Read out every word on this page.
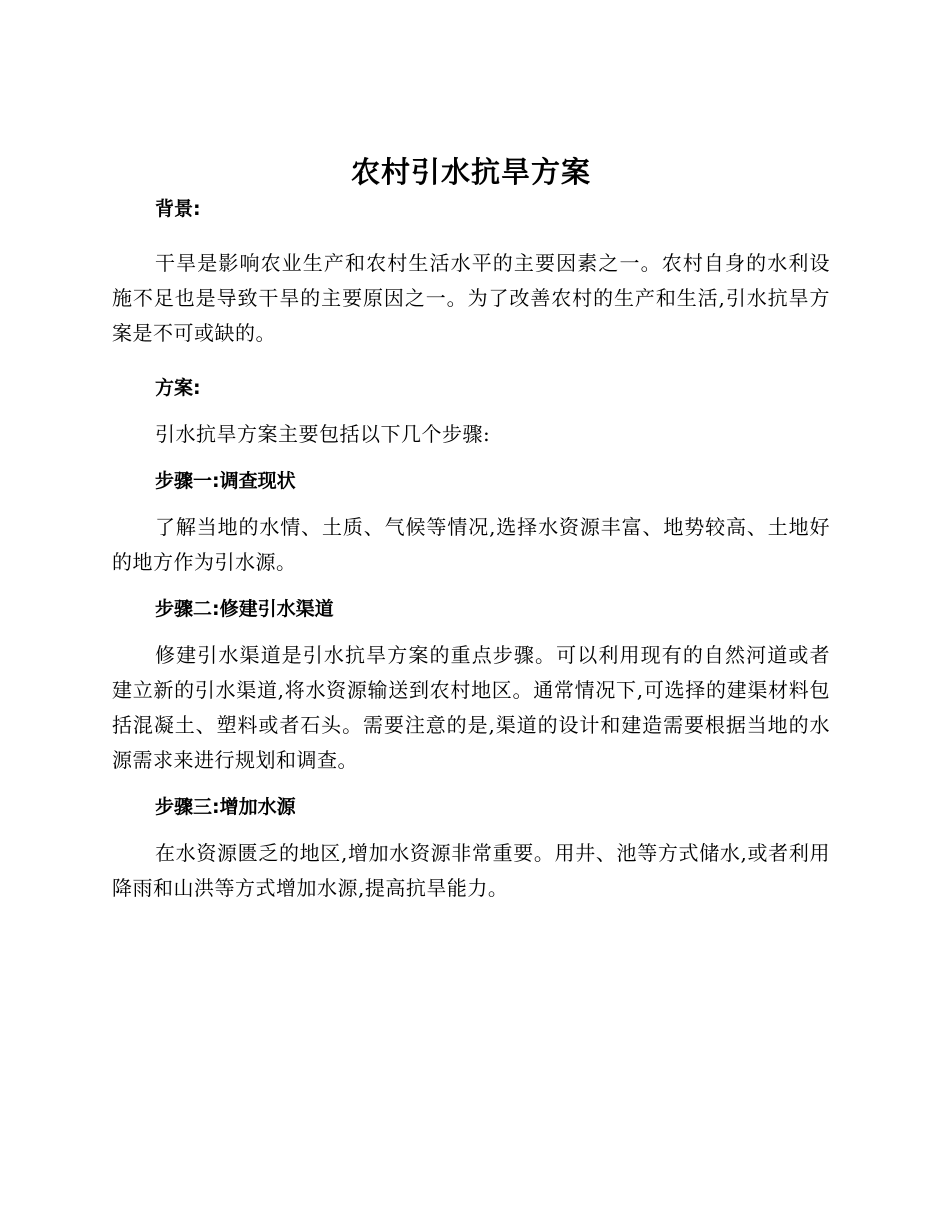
农村引水抗旱方案

背景:

干旱是影响农业生产和农村生活水平的主要因素之一。农村自身的水利设施不足也是导致干旱的主要原因之一。为了改善农村的生产和生活,引水抗旱方案是不可或缺的。

方案:

引水抗旱方案主要包括以下几个步骤:

步骤一:调查现状

了解当地的水情、土质、气候等情况,选择水资源丰富、地势较高、土地好的地方作为引水源。

步骤二:修建引水渠道

修建引水渠道是引水抗旱方案的重点步骤。可以利用现有的自然河道或者建立新的引水渠道,将水资源输送到农村地区。通常情况下,可选择的建渠材料包括混凝土、塑料或者石头。需要注意的是,渠道的设计和建造需要根据当地的水源需求来进行规划和调查。

步骤三:增加水源

在水资源匮乏的地区,增加水资源非常重要。用井、池等方式储水,或者利用降雨和山洪等方式增加水源,提高抗旱能力。
